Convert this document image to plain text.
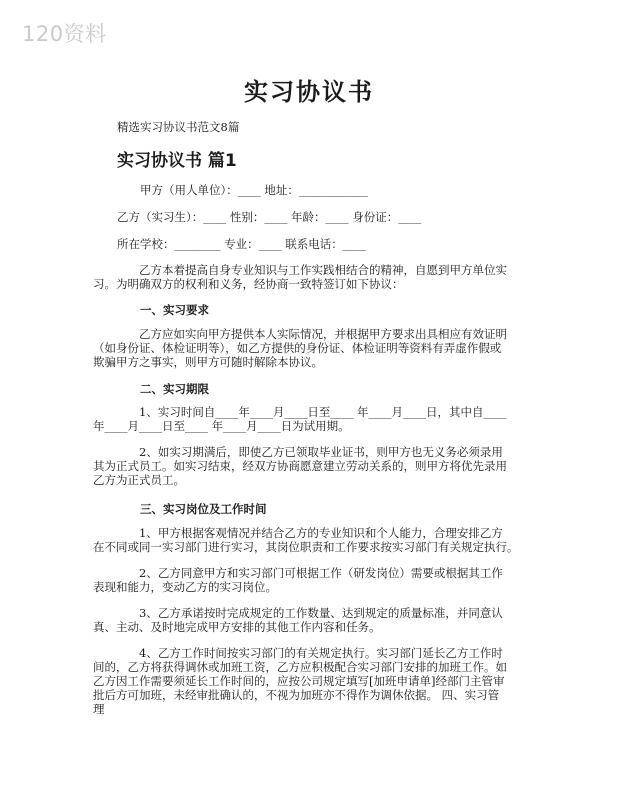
120资料
实习协议书
精选实习协议书范文8篇
实习协议书 篇1
甲方（用人单位）：____ 地址：____________
乙方（实习生）：____ 性别：____ 年龄：____ 身份证：____
所在学校：________ 专业：____ 联系电话：____
乙方本着提高自身专业知识与工作实践相结合的精神，自愿到甲方单位实
习。为明确双方的权利和义务，经协商一致特签订如下协议：
一、实习要求
乙方应如实向甲方提供本人实际情况，并根据甲方要求出具相应有效证明
（如身份证、体检证明等），如乙方提供的身份证、体检证明等资料有弄虚作假或
欺骗甲方之事实，则甲方可随时解除本协议。
二、实习期限
1、实习时间自____年____月____日至____ 年____月____日，其中自____
年____月____日至____ 年____月____日为试用期。
2、如实习期满后，即使乙方已领取毕业证书，则甲方也无义务必须录用
其为正式员工。如实习结束，经双方协商愿意建立劳动关系的，则甲方将优先录用
乙方为正式员工。
三、实习岗位及工作时间
1、甲方根据客观情况并结合乙方的专业知识和个人能力，合理安排乙方
在不同或同一实习部门进行实习，其岗位职责和工作要求按实习部门有关规定执行。
2、乙方同意甲方和实习部门可根据工作（研发岗位）需要或根据其工作
表现和能力，变动乙方的实习岗位。
3、乙方承诺按时完成规定的工作数量、达到规定的质量标准，并同意认
真、主动、及时地完成甲方安排的其他工作内容和任务。
4、乙方工作时间按实习部门的有关规定执行。实习部门延长乙方工作时
间的，乙方将获得调休或加班工资，乙方应积极配合实习部门安排的加班工作。如
乙方因工作需要须延长工作时间的，应按公司规定填写[加班申请单]经部门主管审
批后方可加班，未经审批确认的，不视为加班亦不得作为调休依据。 四、实习管
理
